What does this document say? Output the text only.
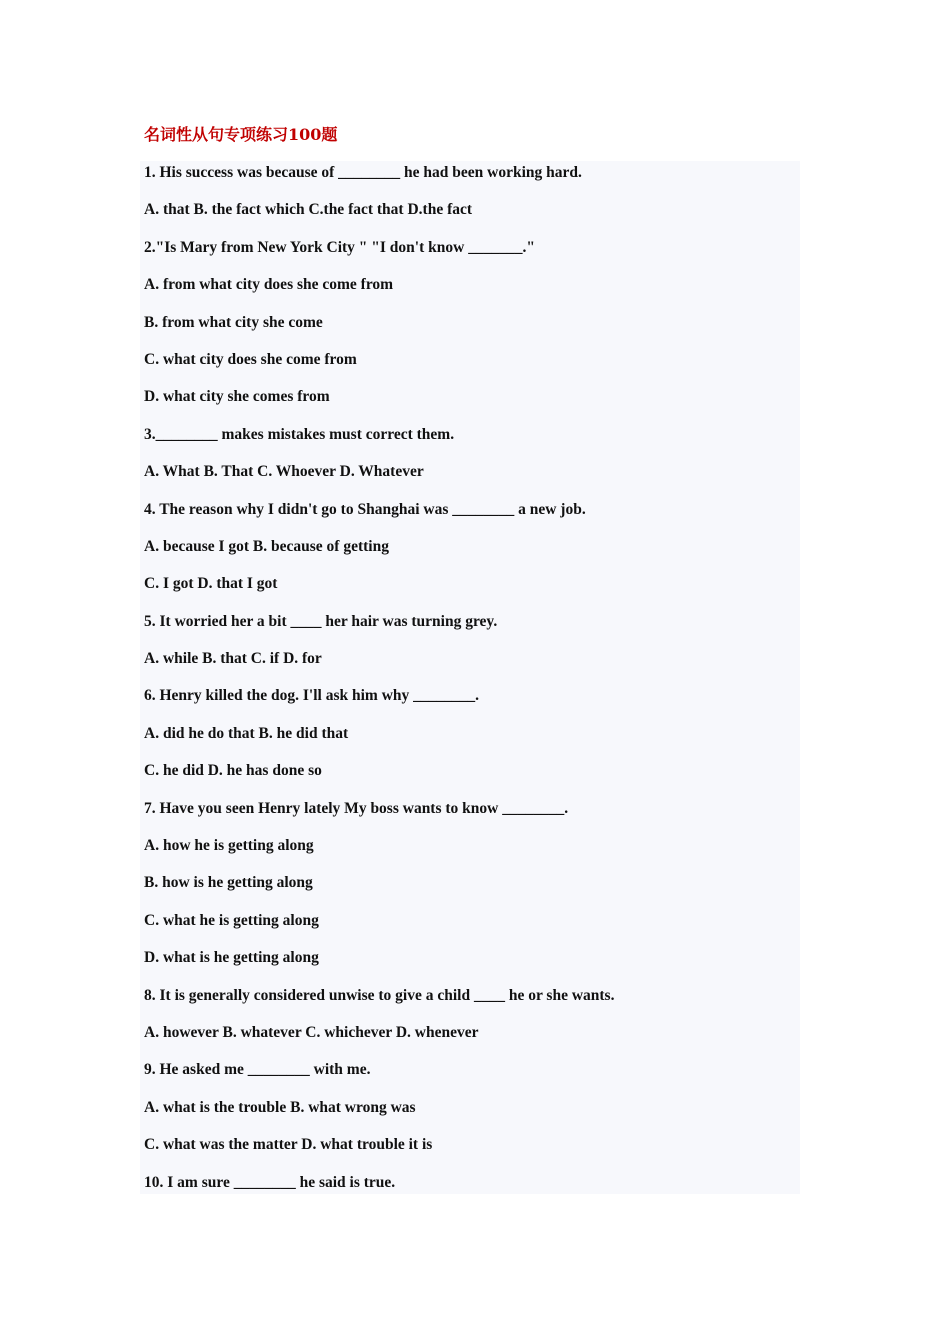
名词性从句专项练习100题
1. His success was because of ________ he had been working hard.
A. that B. the fact which C.the fact that D.the fact
2."Is Mary from New York City " "I don't know _______."
A. from what city does she come from
B. from what city she come
C. what city does she come from
D. what city she comes from
3.________ makes mistakes must correct them.
A. What B. That C. Whoever D. Whatever
4. The reason why I didn't go to Shanghai was ________ a new job.
A. because I got B. because of getting
C. I got D. that I got
5. It worried her a bit ____ her hair was turning grey.
A. while B. that C. if D. for
6. Henry killed the dog. I'll ask him why ________.
A. did he do that B. he did that
C. he did D. he has done so
7. Have you seen Henry lately My boss wants to know ________.
A. how he is getting along
B. how is he getting along
C. what he is getting along
D. what is he getting along
8. It is generally considered unwise to give a child ____ he or she wants.
A. however B. whatever C. whichever D. whenever
9. He asked me ________ with me.
A. what is the trouble B. what wrong was
C. what was the matter D. what trouble it is
10. I am sure ________ he said is true.
